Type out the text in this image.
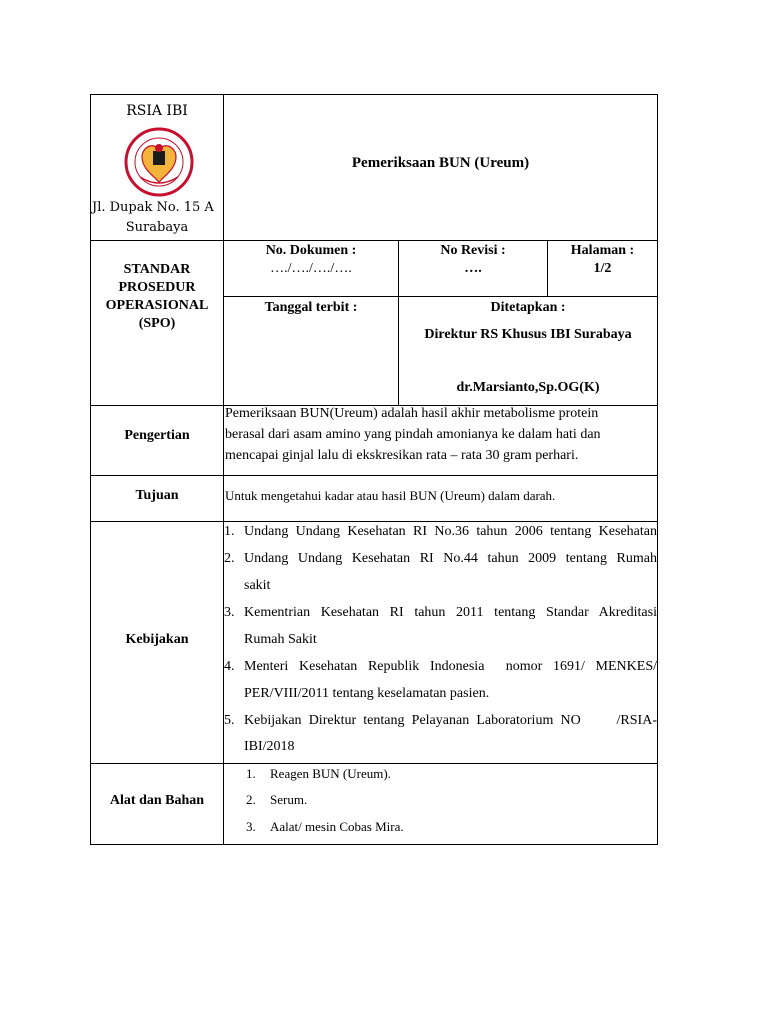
RSIA IBI
Jl. Dupak No. 15 A
Surabaya
Pemeriksaan BUN (Ureum)
STANDAR
PROSEDUR
OPERASIONAL
(SPO)
No. Dokumen :
…./…./…./….
No Revisi :
….
Halaman :
1/2
Tanggal terbit :	Ditetapkan :
Direktur RS Khusus IBI Surabaya
dr.Marsianto,Sp.OG(K)
Pengertian
Pemeriksaan BUN(Ureum) adalah hasil akhir metabolisme protein
berasal dari asam amino yang pindah amonianya ke dalam hati dan
mencapai ginjal lalu di ekskresikan rata – rata 30 gram perhari.
Tujuan	Untuk mengetahui kadar atau hasil BUN (Ureum) dalam darah.
Kebijakan
1. Undang Undang Kesehatan RI No.36 tahun 2006 tentang Kesehatan
2. Undang Undang Kesehatan RI No.44 tahun 2009 tentang Rumah
sakit
3. Kementrian Kesehatan RI tahun 2011 tentang Standar Akreditasi
Rumah Sakit
4. Menteri Kesehatan Republik Indonesia  nomor 1691/ MENKES/
PER/VIII/2011 tentang keselamatan pasien.
5. Kebijakan Direktur tentang Pelayanan Laboratorium NO     /RSIA-
IBI/2018
Alat dan Bahan
1. Reagen BUN (Ureum).
2. Serum.
3. Aalat/ mesin Cobas Mira.
